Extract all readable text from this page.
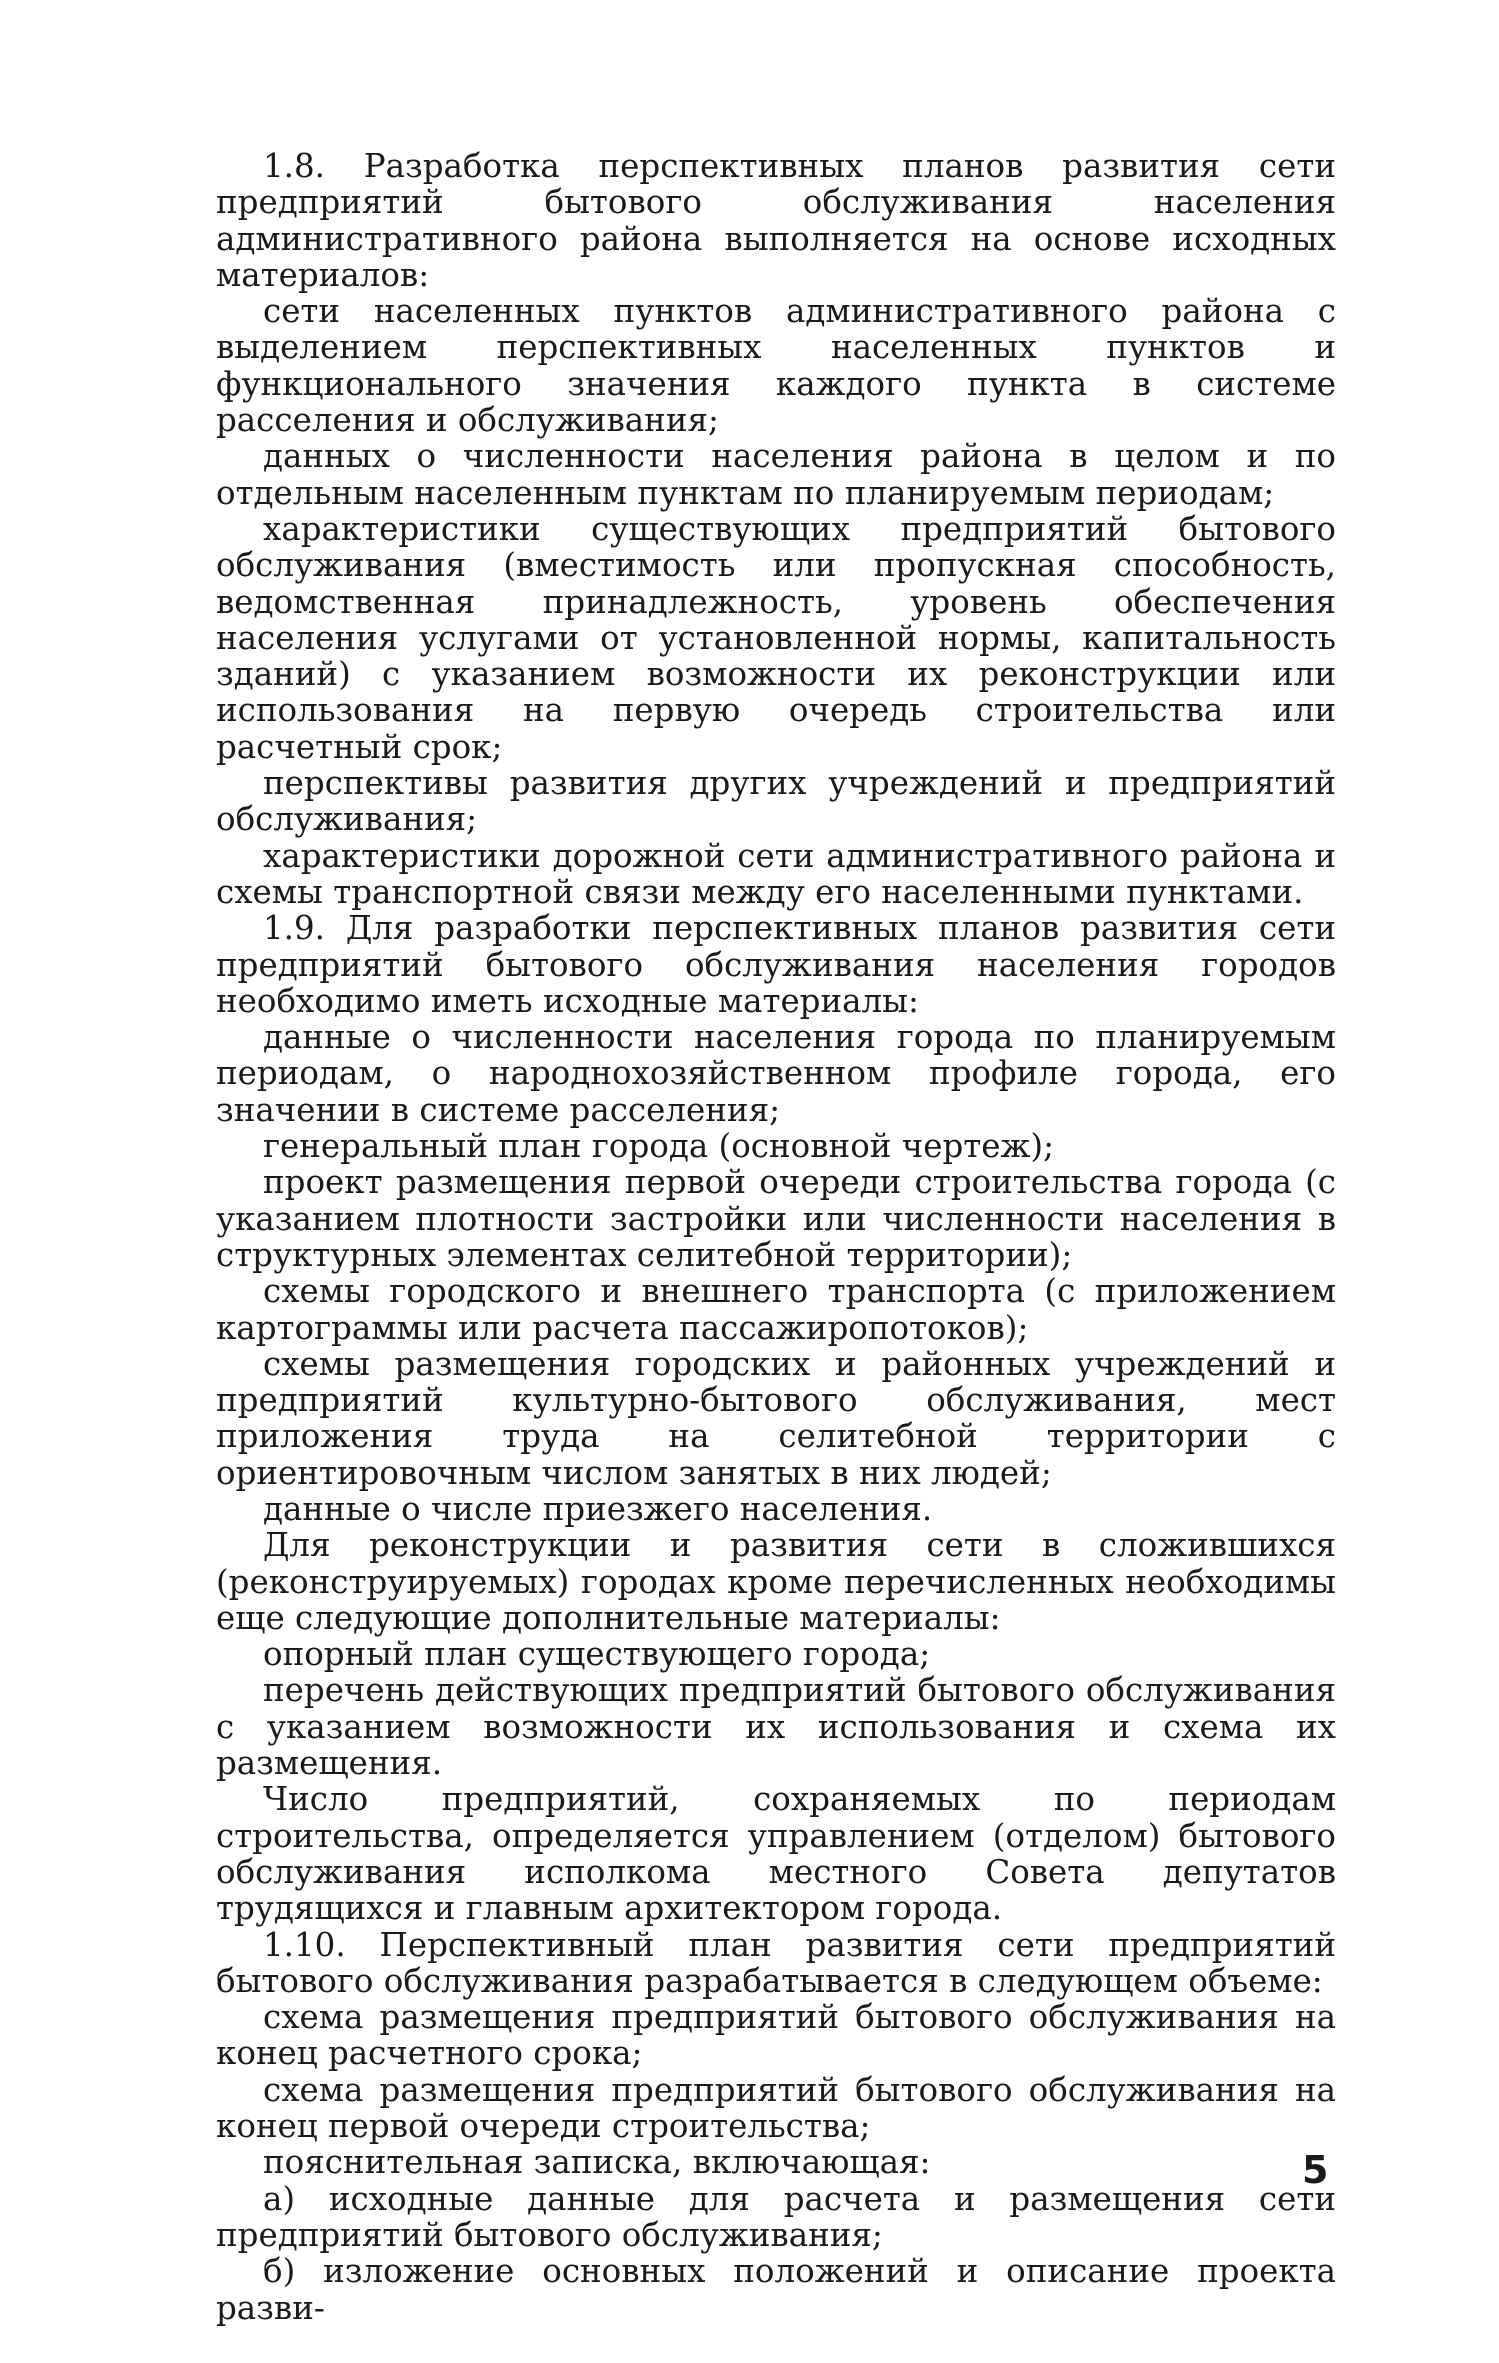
1.8. Разработка перспективных планов развития сети предприятий бытового обслуживания населения административного района выполняется на основе исходных материалов:

сети населенных пунктов административного района с выделением перспективных населенных пунктов и функционального значения каждого пункта в системе расселения и обслуживания;

данных о численности населения района в целом и по отдельным населенным пунктам по планируемым периодам;

характеристики существующих предприятий бытового обслуживания (вместимость или пропускная способность, ведомственная принадлежность, уровень обеспечения населения услугами от установленной нормы, капитальность зданий) с указанием возможности их реконструкции или использования на первую очередь строительства или расчетный срок;

перспективы развития других учреждений и предприятий обслуживания;

характеристики дорожной сети административного района и схемы транспортной связи между его населенными пунктами.

1.9. Для разработки перспективных планов развития сети предприятий бытового обслуживания населения городов необходимо иметь исходные материалы:

данные о численности населения города по планируемым периодам, о народнохозяйственном профиле города, его значении в системе расселения;

генеральный план города (основной чертеж);

проект размещения первой очереди строительства города (с указанием плотности застройки или численности населения в структурных элементах селитебной территории);

схемы городского и внешнего транспорта (с приложением картограммы или расчета пассажиропотоков);

схемы размещения городских и районных учреждений и предприятий культурно-бытового обслуживания, мест приложения труда на селитебной территории с ориентировочным числом занятых в них людей;

данные о числе приезжего населения.

Для реконструкции и развития сети в сложившихся (реконструируемых) городах кроме перечисленных необходимы еще следующие дополнительные материалы:

опорный план существующего города;

перечень действующих предприятий бытового обслуживания с указанием возможности их использования и схема их размещения.

Число предприятий, сохраняемых по периодам строительства, определяется управлением (отделом) бытового обслуживания исполкома местного Совета депутатов трудящихся и главным архитектором города.

1.10. Перспективный план развития сети предприятий бытового обслуживания разрабатывается в следующем объеме:

схема размещения предприятий бытового обслуживания на конец расчетного срока;

схема размещения предприятий бытового обслуживания на конец первой очереди строительства;

пояснительная записка, включающая:

а) исходные данные для расчета и размещения сети предприятий бытового обслуживания;

б) изложение основных положений и описание проекта разви-

5
